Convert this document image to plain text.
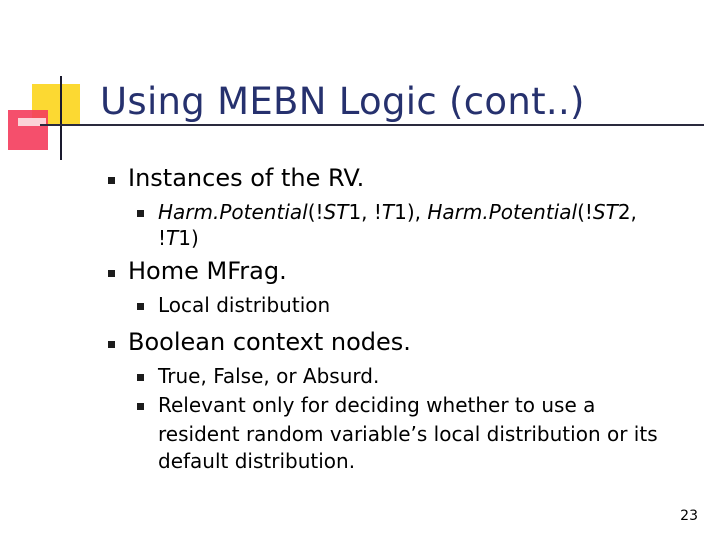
Using MEBN Logic (cont..)
Instances of the RV.
Harm.Potential(!ST1, !T1), Harm.Potential(!ST2,
!T1)
Home MFrag.
Local distribution
Boolean context nodes.
True, False, or Absurd.
Relevant only for deciding whether to use a
resident random variable’s local distribution or its
default distribution.
23
